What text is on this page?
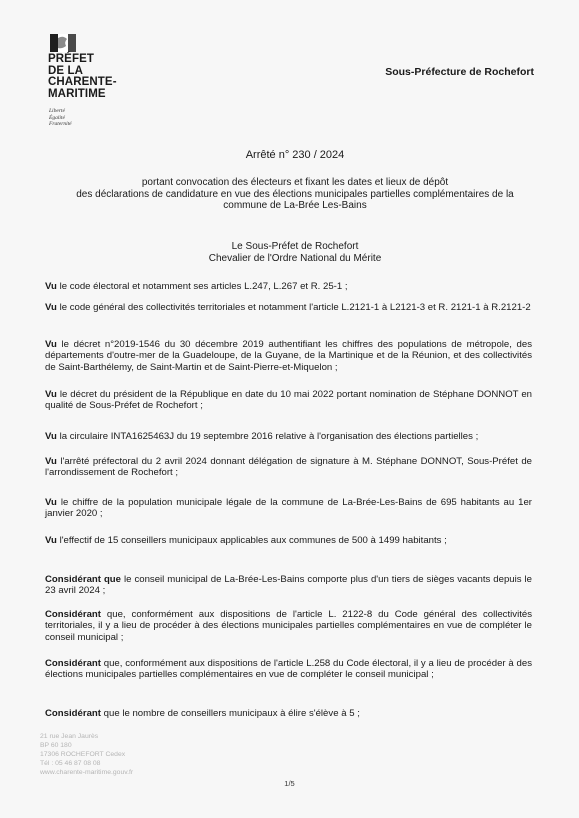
PRÉFET
DE LA
CHARENTE-
MARITIME
Liberté
Égalité
Fraternité
Sous-Préfecture de Rochefort
Arrêté n° 230 / 2024
portant convocation des électeurs et fixant les dates et lieux de dépôt
des déclarations de candidature en vue des élections municipales partielles complémentaires de la
commune de La-Brée Les-Bains
Le Sous-Préfet de Rochefort
Chevalier de l'Ordre National du Mérite
Vu le code électoral et notamment ses articles L.247, L.267 et R. 25-1 ;
Vu le code général des collectivités territoriales et notamment l'article L.2121-1 à L2121-3 et R. 2121-1 à R.2121-2
Vu le décret n°2019-1546 du 30 décembre 2019 authentifiant les chiffres des populations de métropole, des départements d'outre-mer de la Guadeloupe, de la Guyane, de la Martinique et de la Réunion, et des collectivités de Saint-Barthélemy, de Saint-Martin et de Saint-Pierre-et-Miquelon ;
Vu le décret du président de la République en date du 10 mai 2022 portant nomination de Stéphane DONNOT en qualité de Sous-Préfet de Rochefort ;
Vu la circulaire INTA1625463J du 19 septembre 2016 relative à l'organisation des élections partielles ;
Vu l'arrêté préfectoral du 2 avril 2024 donnant délégation de signature à M. Stéphane DONNOT, Sous-Préfet de l'arrondissement de Rochefort ;
Vu le chiffre de la population municipale légale de la commune de La-Brée-Les-Bains de 695 habitants au 1er janvier 2020 ;
Vu l'effectif de 15 conseillers municipaux applicables aux communes de 500 à 1499 habitants ;
Considérant que le conseil municipal de La-Brée-Les-Bains comporte plus d'un tiers de sièges vacants depuis le 23 avril 2024 ;
Considérant que, conformément aux dispositions de l'article L. 2122-8 du Code général des collectivités territoriales, il y a lieu de procéder à des élections municipales partielles complémentaires en vue de compléter le conseil municipal ;
Considérant que, conformément aux dispositions de l'article L.258 du Code électoral, il y a lieu de procéder à des élections municipales partielles complémentaires en vue de compléter le conseil municipal ;
Considérant que le nombre de conseillers municipaux à élire s'élève à 5 ;
21 rue Jean Jaurès
BP 60 180
17306 ROCHEFORT Cedex
Tél : 05 46 87 08 08
www.charente-maritime.gouv.fr
1/5
